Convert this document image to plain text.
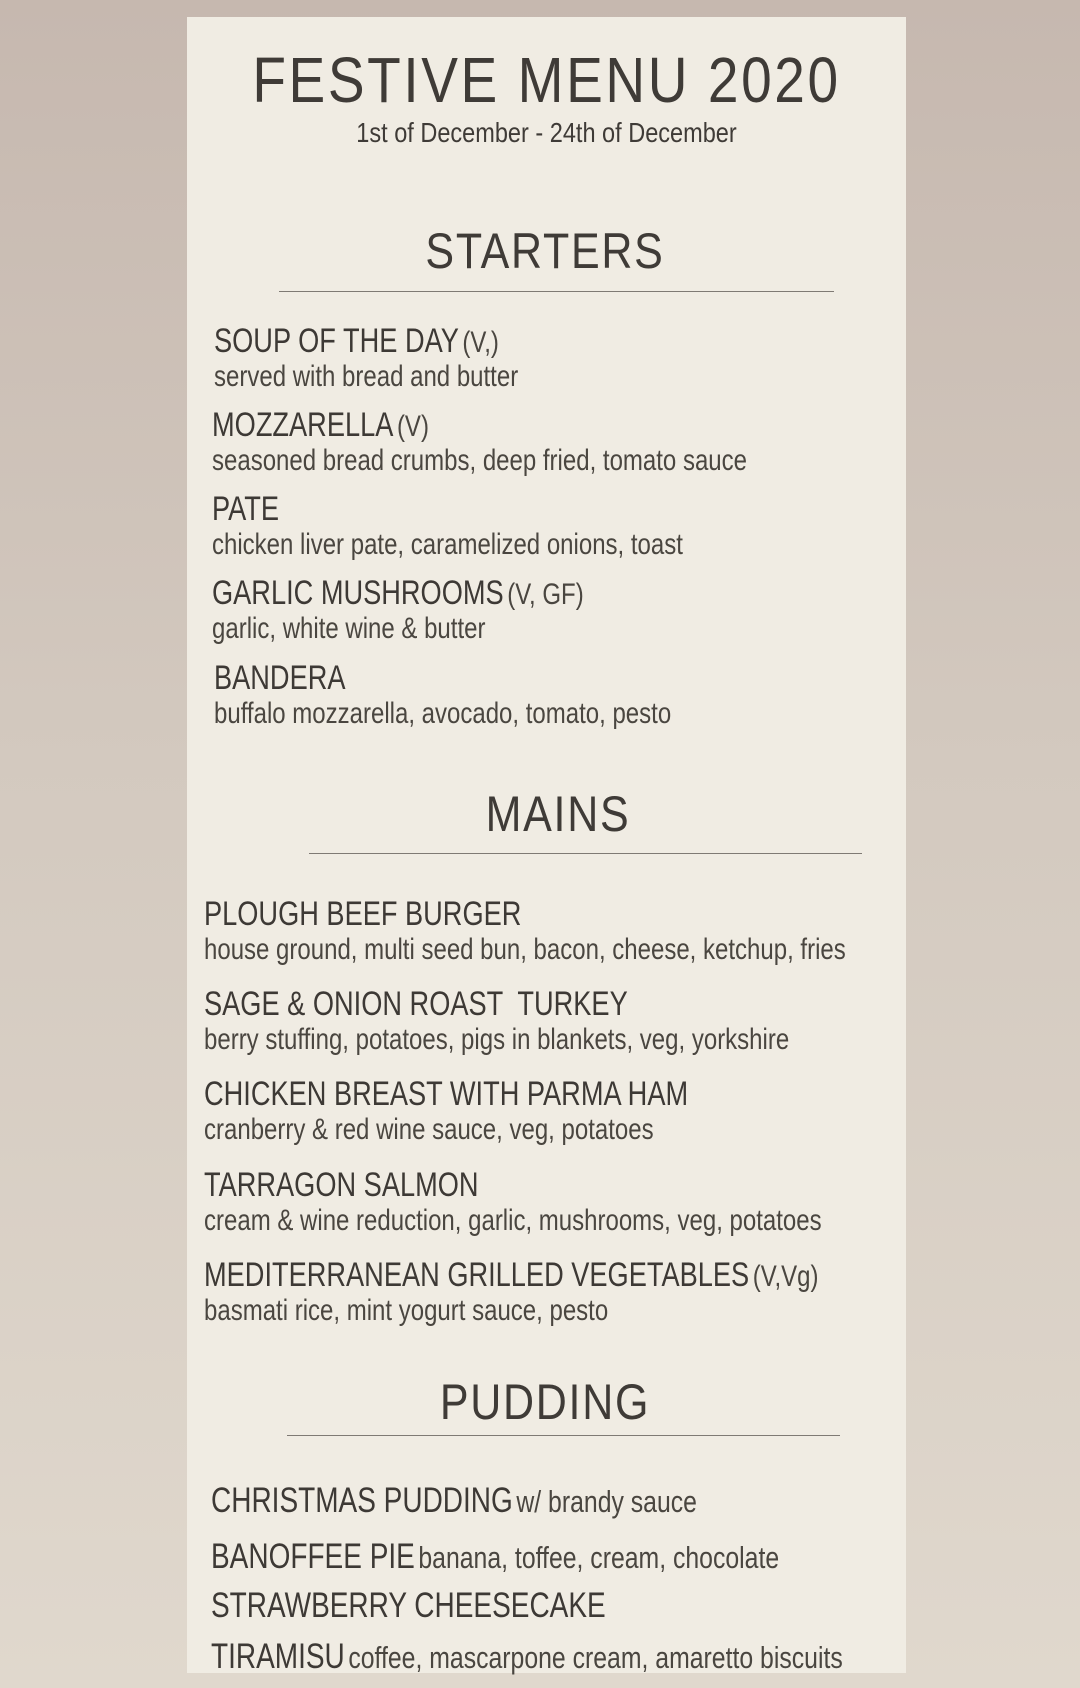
FESTIVE MENU 2020
1st of December - 24th of December
STARTERS
SOUP OF THE DAY (V,)
served with bread and butter
MOZZARELLA (V)
seasoned bread crumbs, deep fried, tomato sauce
PATE
chicken liver pate, caramelized onions, toast
GARLIC MUSHROOMS (V, GF)
garlic, white wine & butter
BANDERA
buffalo mozzarella, avocado, tomato, pesto
MAINS
PLOUGH BEEF BURGER
house ground, multi seed bun, bacon, cheese, ketchup, fries
SAGE & ONION ROAST  TURKEY
berry stuffing, potatoes, pigs in blankets, veg, yorkshire
CHICKEN BREAST WITH PARMA HAM
cranberry & red wine sauce, veg, potatoes
TARRAGON SALMON
cream & wine reduction, garlic, mushrooms, veg, potatoes
MEDITERRANEAN GRILLED VEGETABLES (V,Vg)
basmati rice, mint yogurt sauce, pesto
PUDDING
CHRISTMAS PUDDING w/ brandy sauce
BANOFFEE PIE banana, toffee, cream, chocolate
STRAWBERRY CHEESECAKE
TIRAMISU coffee, mascarpone cream, amaretto biscuits
